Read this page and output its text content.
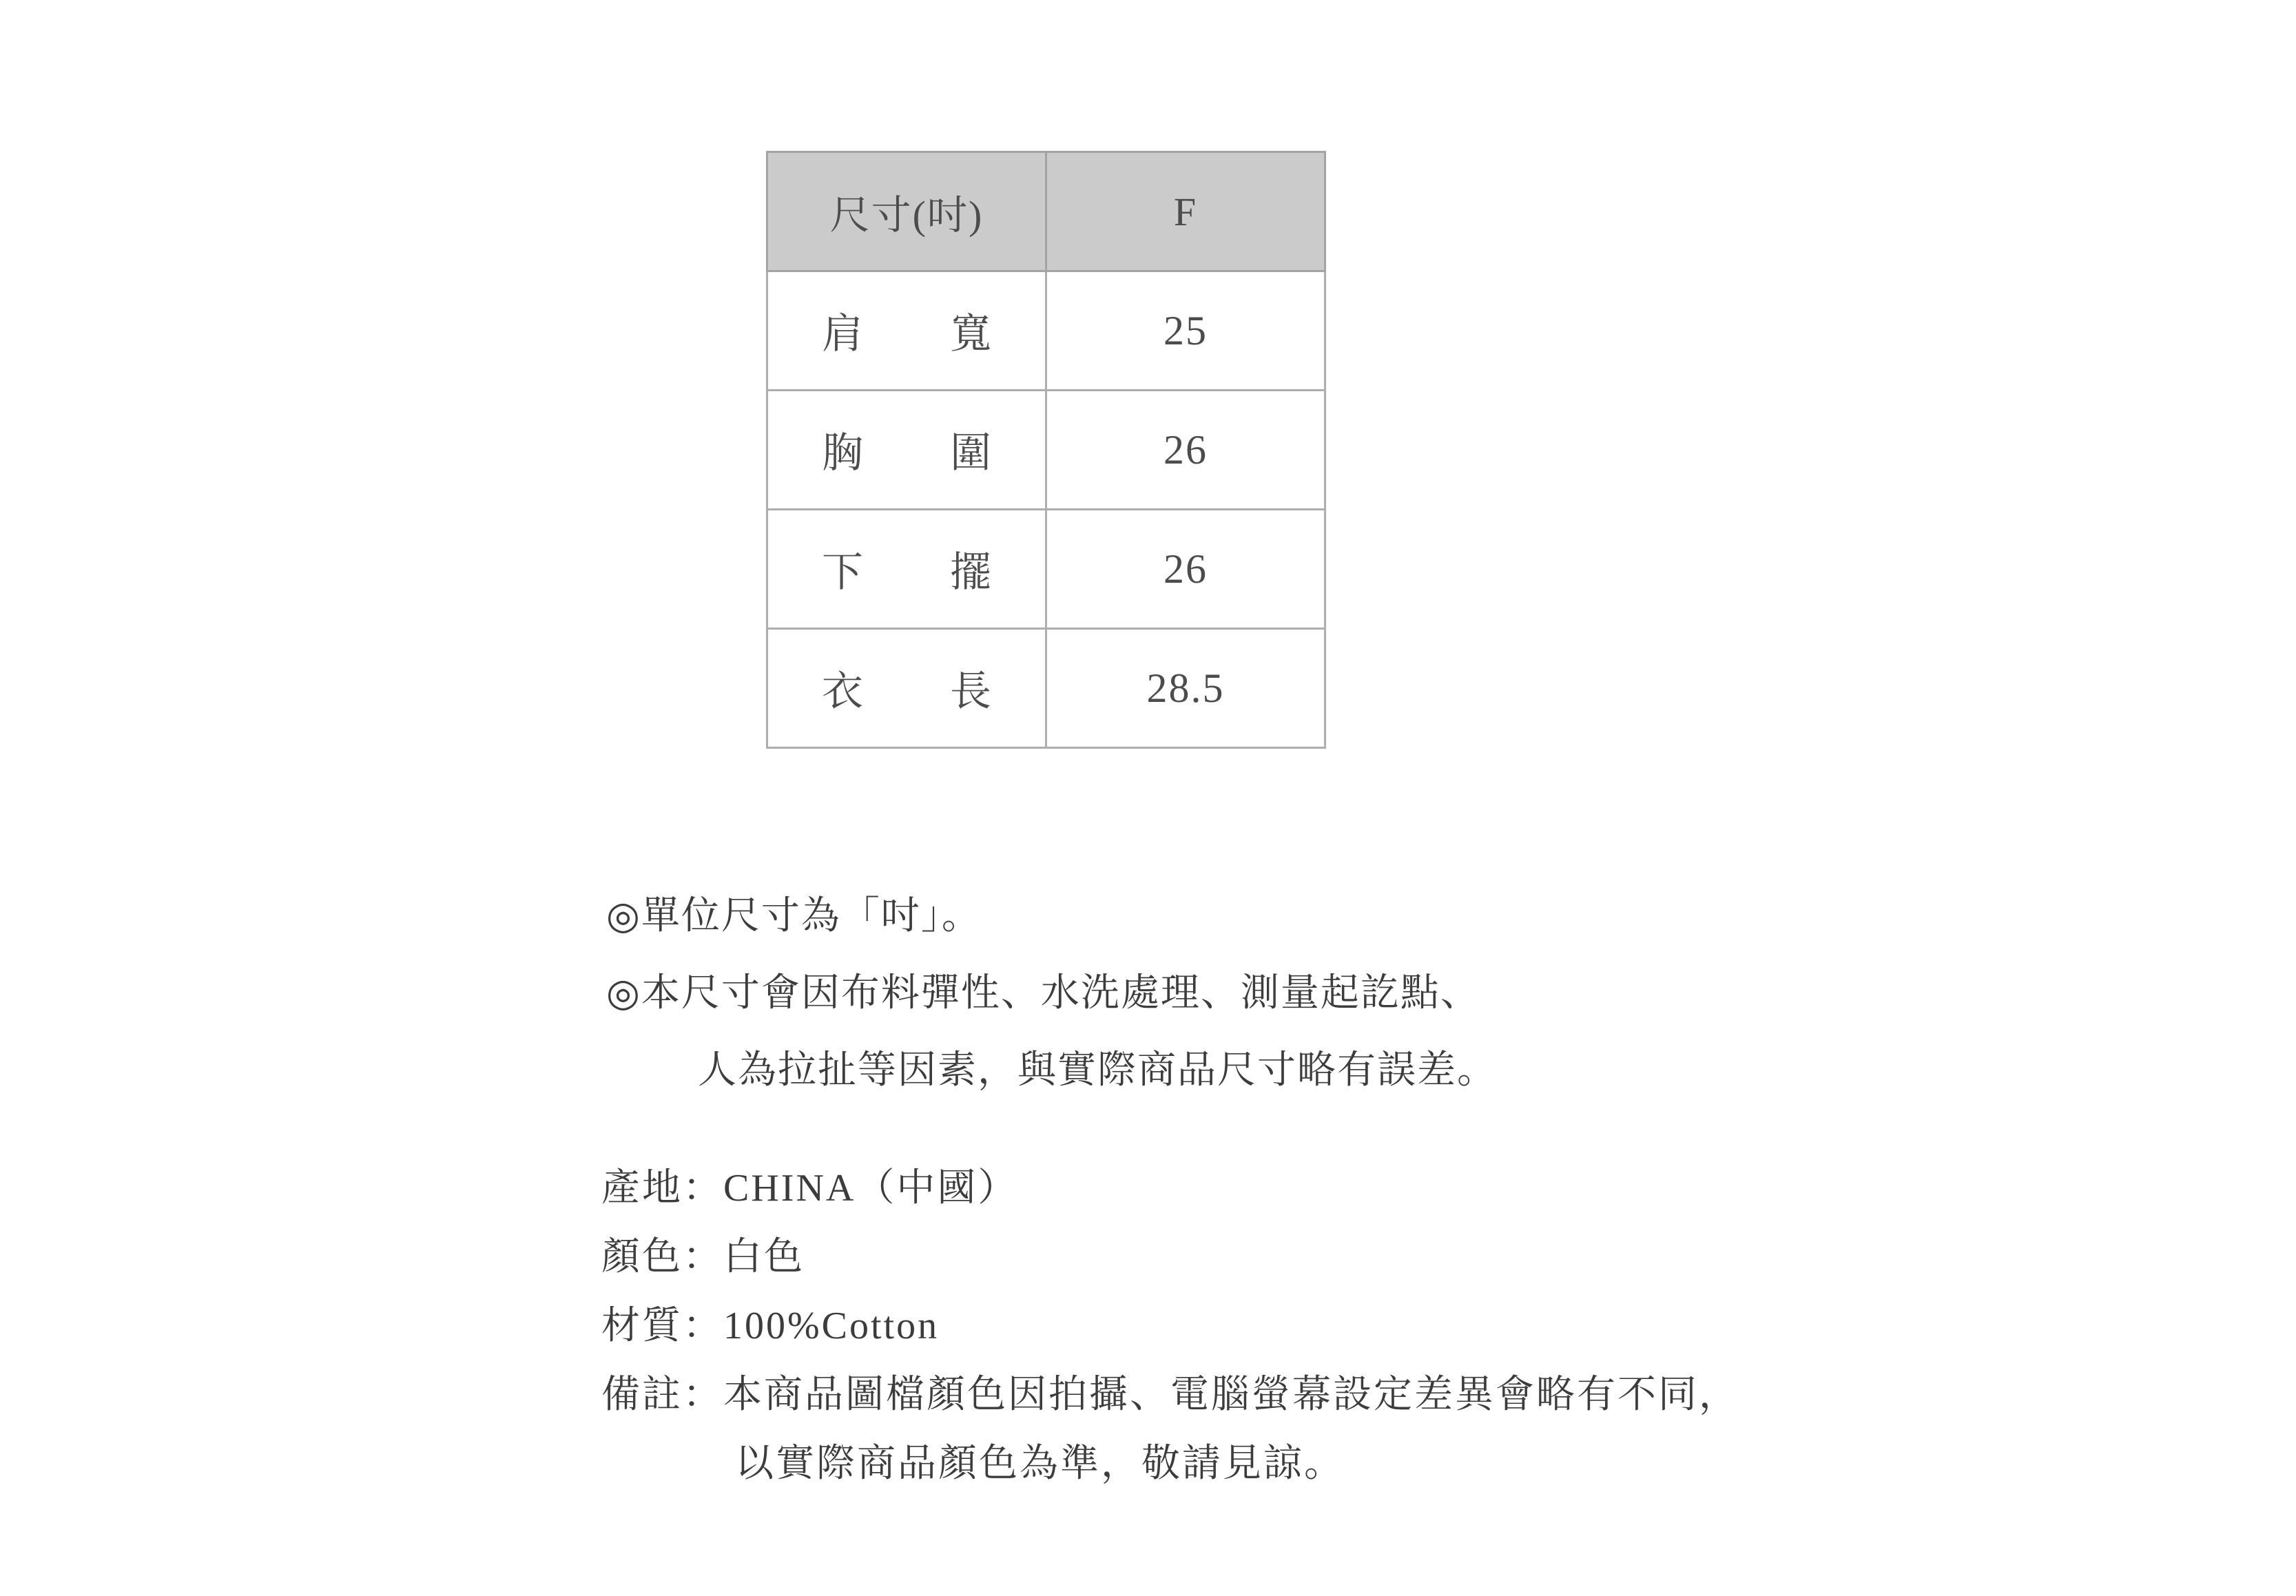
尺寸(吋)	F

肩 寬	25

胸 圍	26

下 擺	26

衣 長	28.5
◎單位尺寸為「吋」。
◎本尺寸會因布料彈性、水洗處理、測量起訖點、
人為拉扯等因素，與實際商品尺寸略有誤差。
產地：CHINA（中國）
顏色：白色
材質：100%Cotton
備註：本商品圖檔顏色因拍攝、電腦螢幕設定差異會略有不同，
以實際商品顏色為準，敬請見諒。
